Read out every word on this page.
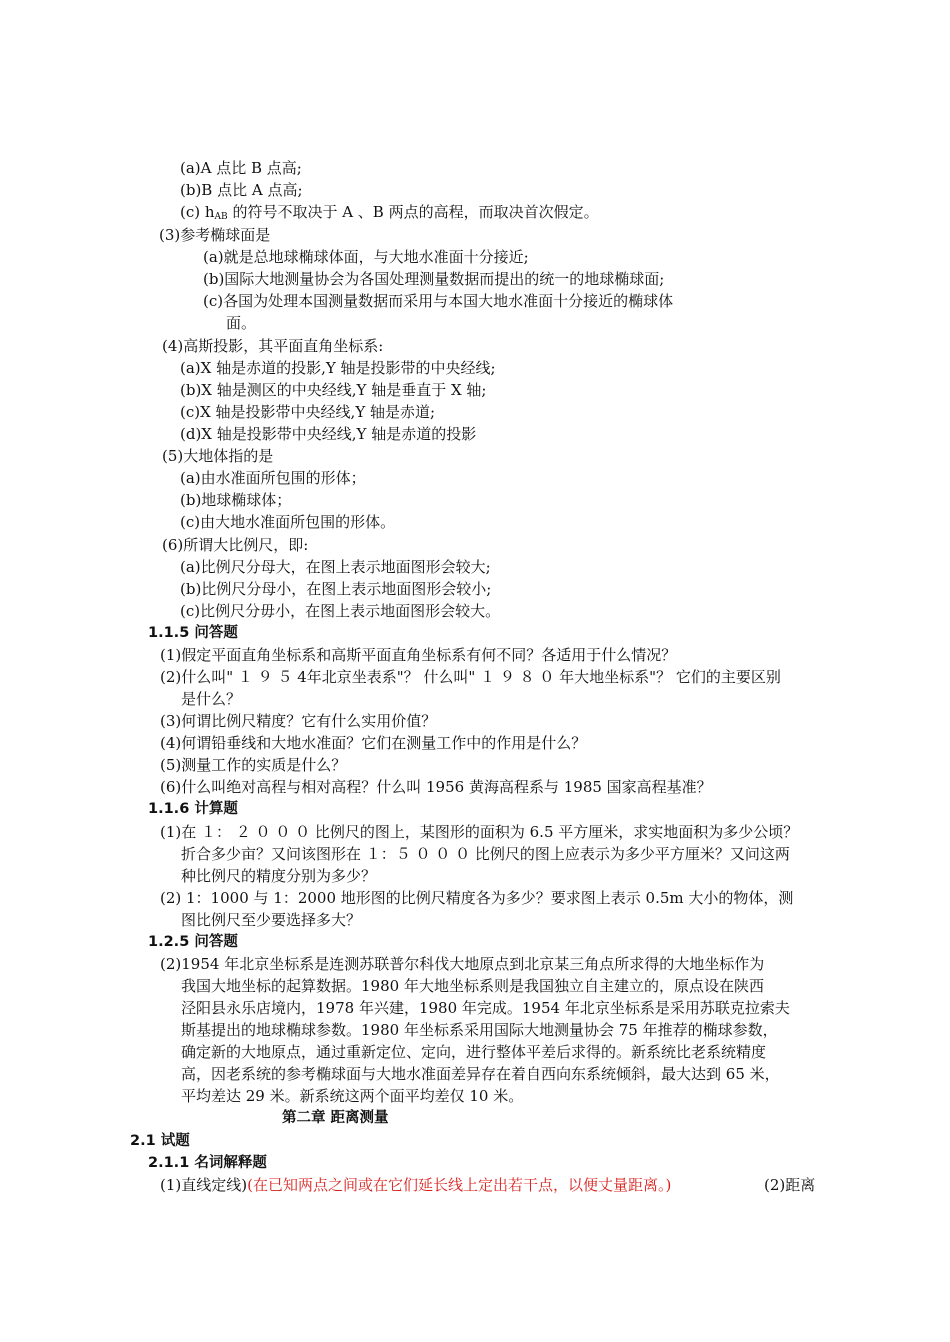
(a)A 点比 B 点高;
(b)B 点比 A 点高;
(c) $h_{AB}$ 的符号不取决于 A 、B 两点的高程，而取决首次假定。
(3)参考椭球面是
(a)就是总地球椭球体面，与大地水准面十分接近;
(b)国际大地测量协会为各国处理测量数据而提出的统一的地球椭球面;
(c)各国为处理本国测量数据而采用与本国大地水准面十分接近的椭球体
面。
(4)高斯投影，其平面直角坐标系:
(a)X 轴是赤道的投影,Y 轴是投影带的中央经线;
(b)X 轴是测区的中央经线,Y 轴是垂直于 X 轴;
(c)X 轴是投影带中央经线,Y 轴是赤道;
(d)X 轴是投影带中央经线,Y 轴是赤道的投影
(5)大地体指的是
(a)由水准面所包围的形体；
(b)地球椭球体；
(c)由大地水准面所包围的形体。
(6)所谓大比例尺，即:
(a)比例尺分母大，在图上表示地面图形会较大;
(b)比例尺分母小，在图上表示地面图形会较小;
(c)比例尺分毋小，在图上表示地面图形会较大。
1.1.5 问答题
(1)假定平面直角坐标系和高斯平面直角坐标系有何不同？各适用于什么情况？
(2)什么叫" １ ９ ５ 4年北京坐表系"？ 什么叫" １ ９ ８ ０ 年大地坐标系"？ 它们的主要区别
是什么？
(3)何谓比例尺精度？它有什么实用价值？
(4)何谓铅垂线和大地水准面？它们在测量工作中的作用是什么？
(5)测量工作的实质是什么？
(6)什么叫绝对高程与相对高程？什么叫 1956 黄海高程系与 1985 国家高程基准？
1.1.6 计算题
(1)在 １： ２ ０ ０ ０ 比例尺的图上，某图形的面积为 6.5 平方厘米，求实地面积为多少公顷？
折合多少亩？又问该图形在 １：５ ０ ０ ０ 比例尺的图上应表示为多少平方厘米？又问这两
种比例尺的精度分别为多少？
(2) 1：1000 与 1：2000 地形图的比例尺精度各为多少？要求图上表示 0.5m 大小的物体，测
图比例尺至少要选择多大？
1.2.5 问答题
(2)1954 年北京坐标系是连测苏联普尔科伐大地原点到北京某三角点所求得的大地坐标作为
我国大地坐标的起算数据。1980 年大地坐标系则是我国独立自主建立的，原点设在陕西
泾阳县永乐店境内，1978 年兴建，1980 年完成。1954 年北京坐标系是采用苏联克拉索夫
斯基提出的地球椭球参数。1980 年坐标系采用国际大地测量协会 75 年推荐的椭球参数，
确定新的大地原点，通过重新定位、定向，进行整体平差后求得的。新系统比老系统精度
高，因老系统的参考椭球面与大地水准面差异存在着自西向东系统倾斜，最大达到 65 米，
平均差达 29 米。新系统这两个面平均差仅 10 米。
第二章 距离测量
2.1 试题
2.1.1 名词解释题
(1)直线定线)(在已知两点之间或在它们延长线上定出若干点，以便丈量距离。)	(2)距离
